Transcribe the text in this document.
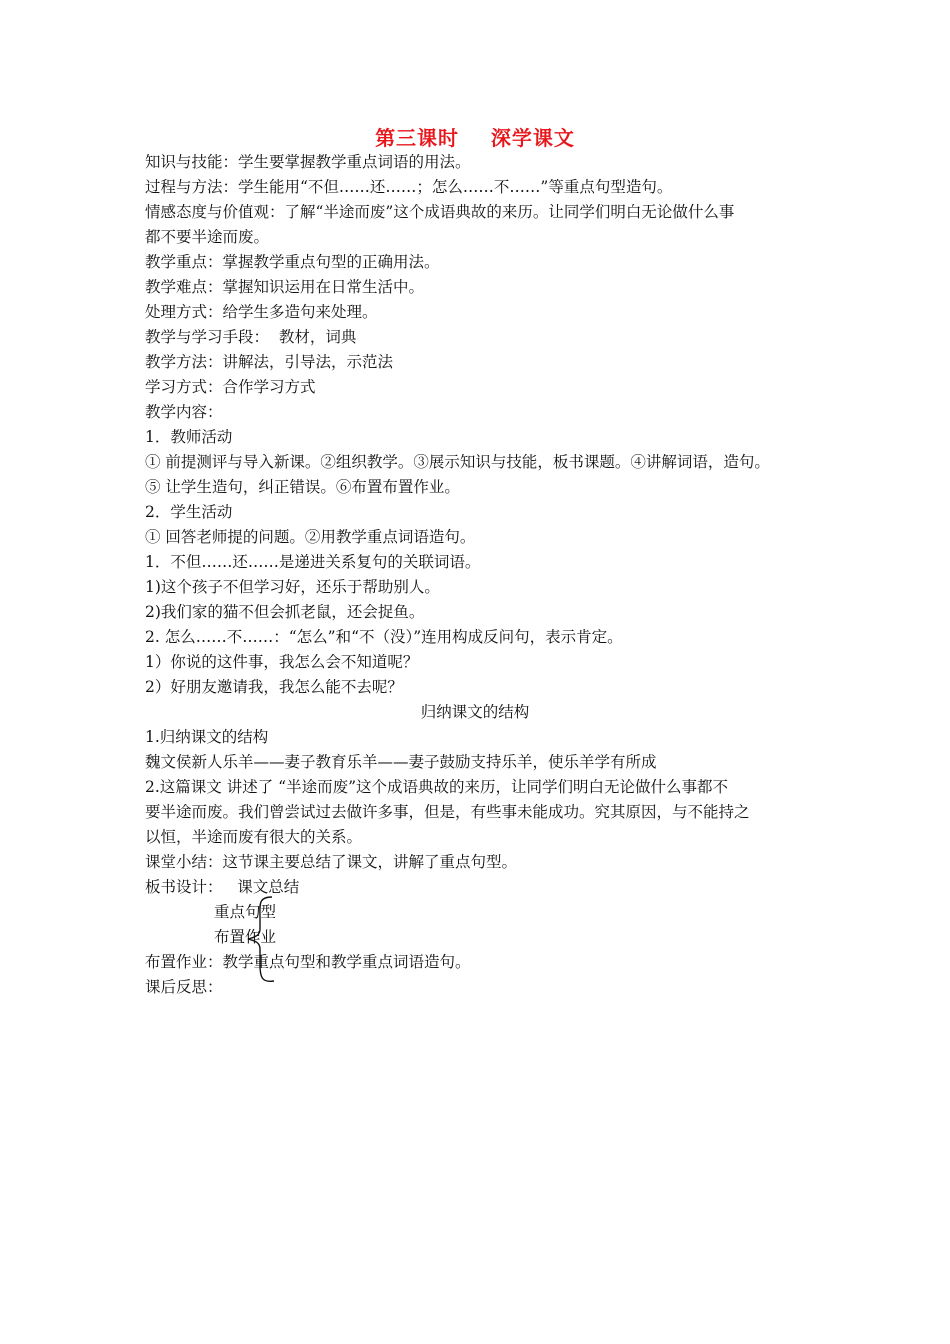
第三课时    深学课文
知识与技能：学生要掌握教学重点词语的用法。
过程与方法：学生能用“不但……还……；怎么……不……”等重点句型造句。
情感态度与价值观：了解“半途而废”这个成语典故的来历。让同学们明白无论做什么事
都不要半途而废。
教学重点：掌握教学重点句型的正确用法。
教学难点：掌握知识运用在日常生活中。
处理方式：给学生多造句来处理。
教学与学习手段：  教材，词典
教学方法：讲解法，引导法，示范法
学习方式：合作学习方式
教学内容：
1．教师活动
① 前提测评与导入新课。②组织教学。③展示知识与技能，板书课题。④讲解词语，造句。
⑤ 让学生造句，纠正错误。⑥布置布置作业。
2．学生活动
① 回答老师提的问题。②用教学重点词语造句。
1．不但……还……是递进关系复句的关联词语。
1)这个孩子不但学习好，还乐于帮助别人。
2)我们家的猫不但会抓老鼠，还会捉鱼。
2. 怎么……不……：“怎么”和“不（没）”连用构成反问句，表示肯定。
1）你说的这件事，我怎么会不知道呢？
2）好朋友邀请我，我怎么能不去呢？
归纳课文的结构
1.归纳课文的结构
魏文侯新人乐羊——妻子教育乐羊——妻子鼓励支持乐羊，使乐羊学有所成
2.这篇课文 讲述了 “半途而废”这个成语典故的来历，让同学们明白无论做什么事都不
要半途而废。我们曾尝试过去做许多事，但是，有些事未能成功。究其原因，与不能持之
以恒，半途而废有很大的关系。
课堂小结：这节课主要总结了课文，讲解了重点句型。
板书设计：   课文总结
重点句型
布置作业
布置作业：教学重点句型和教学重点词语造句。
课后反思：
